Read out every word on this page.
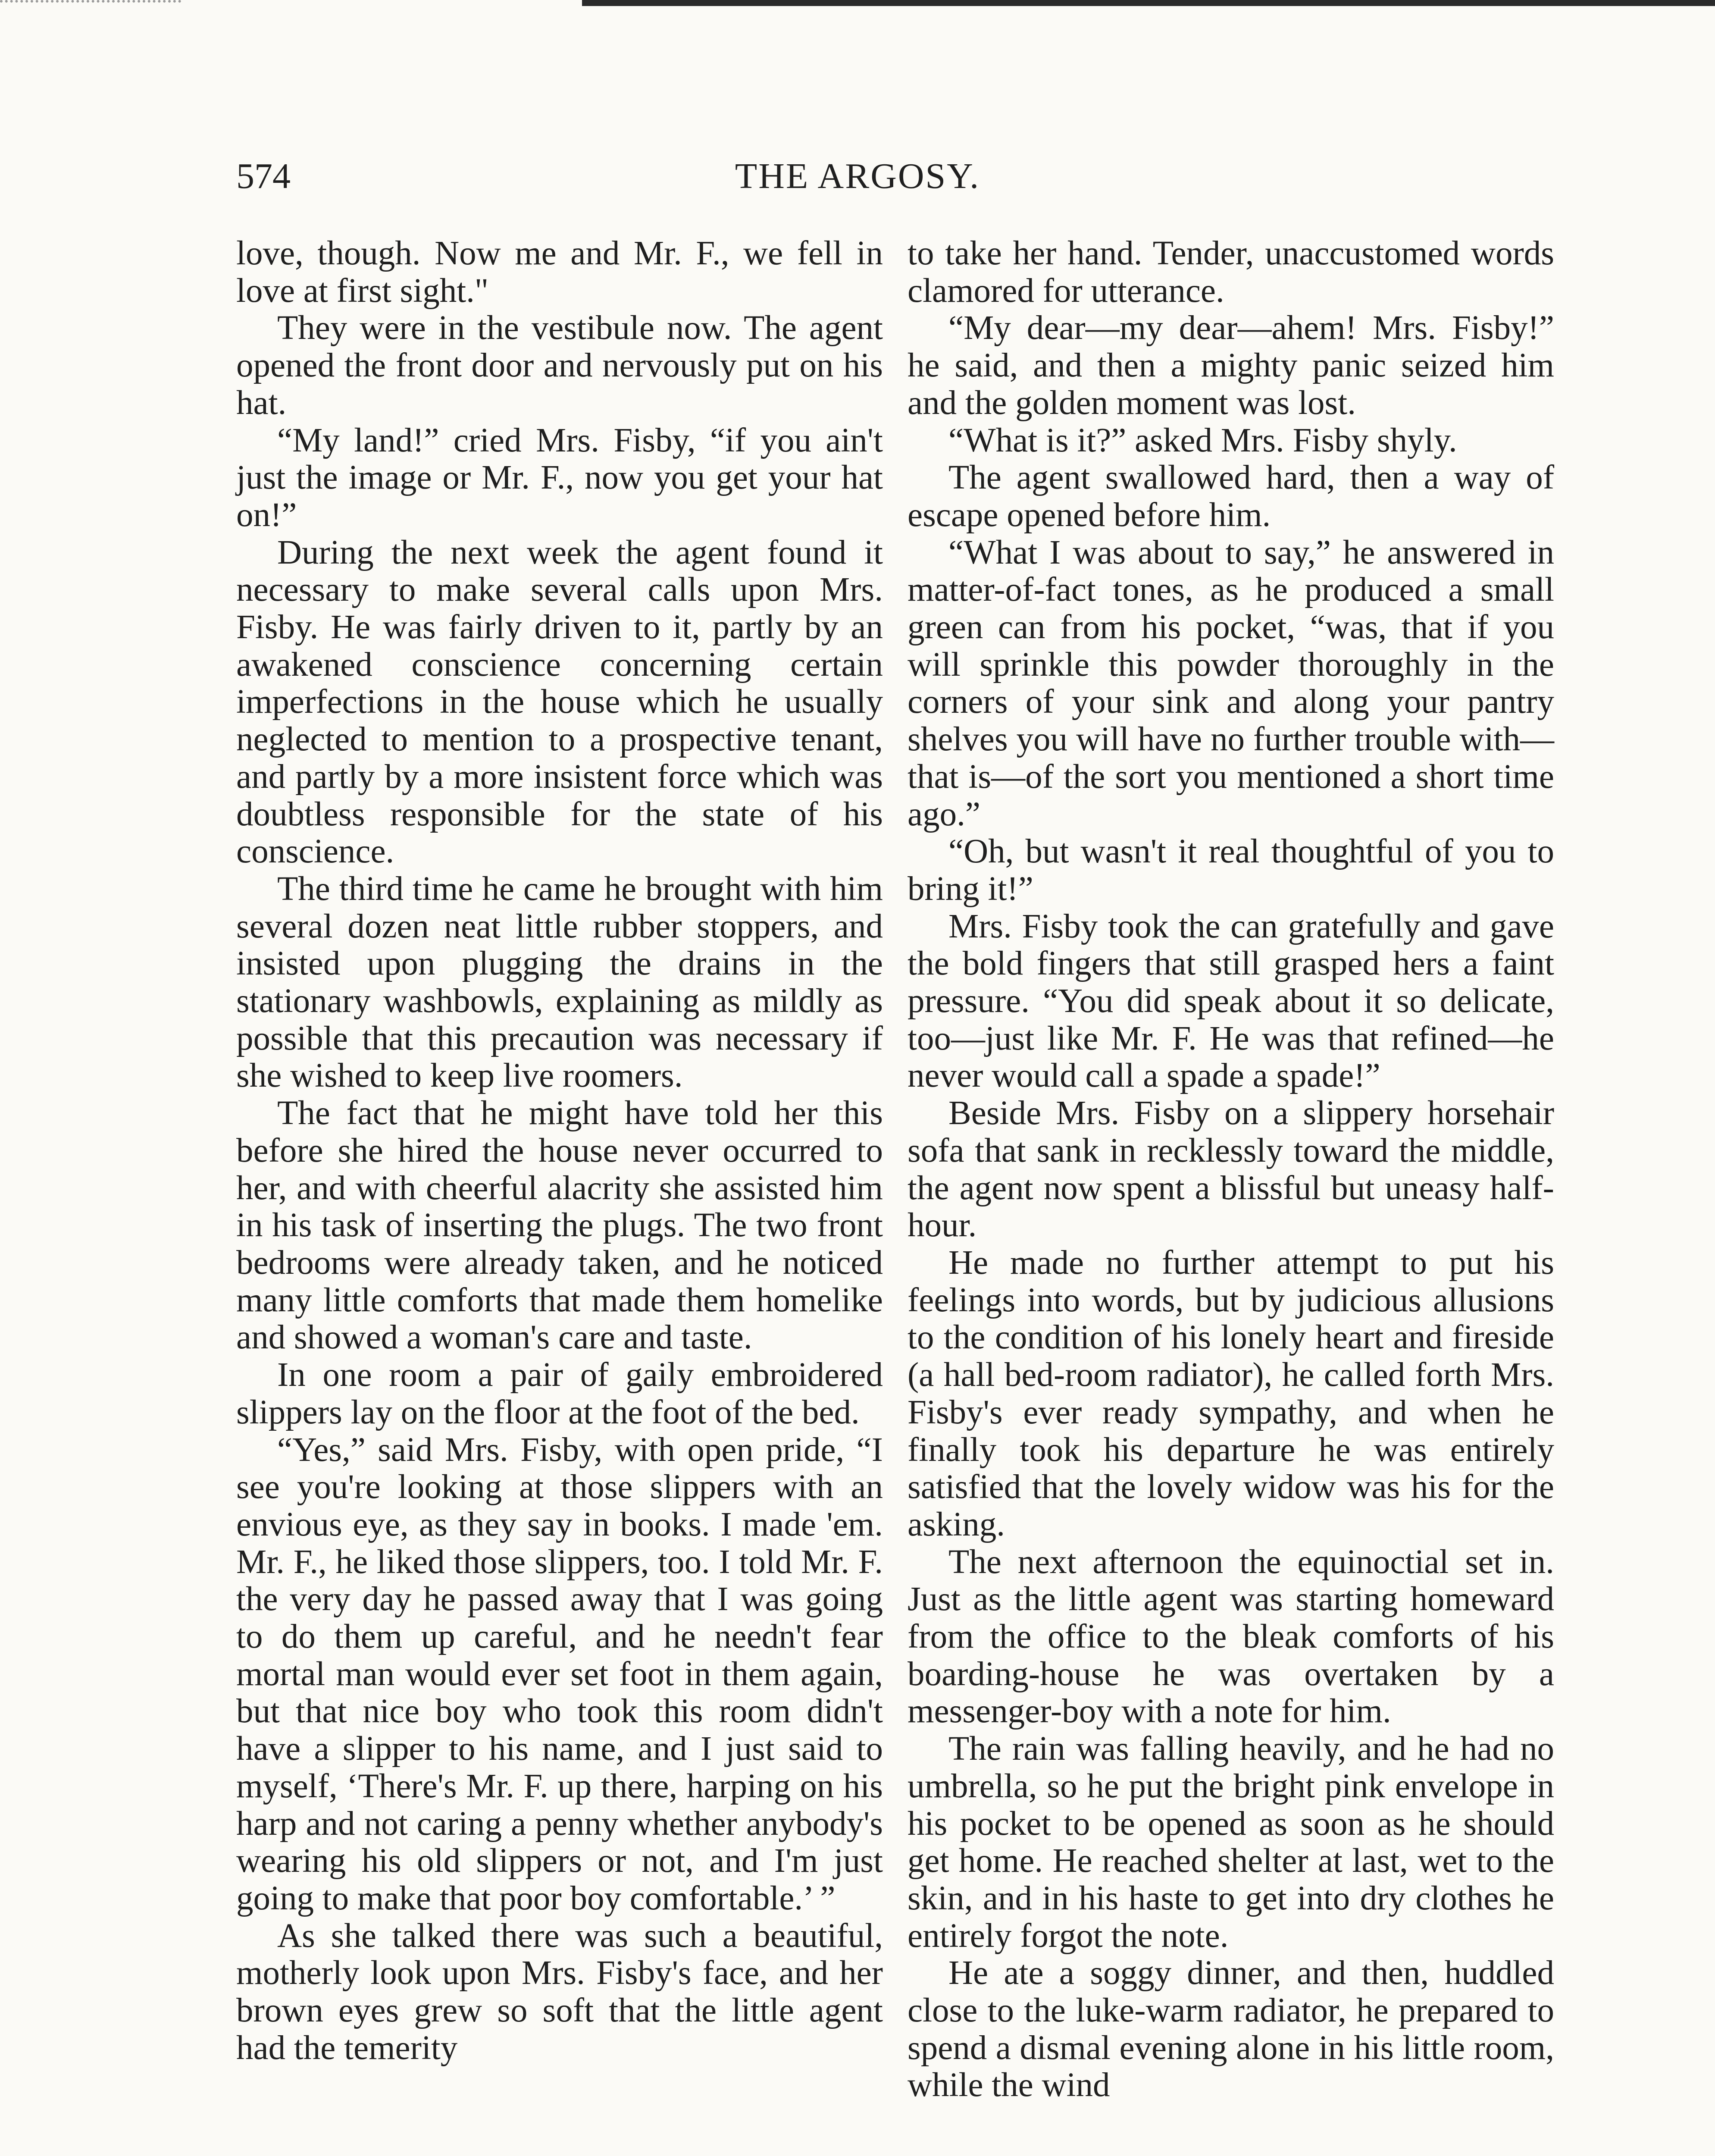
574	THE ARGOSY.

love, though. Now me and Mr. F., we fell in love at first sight."

They were in the vestibule now. The agent opened the front door and nervously put on his hat.

“My land!” cried Mrs. Fisby, “if you ain't just the image or Mr. F., now you get your hat on!”

During the next week the agent found it necessary to make several calls upon Mrs. Fisby. He was fairly driven to it, partly by an awakened conscience concerning certain imperfections in the house which he usually neglected to mention to a prospective tenant, and partly by a more insistent force which was doubtless responsible for the state of his conscience.

The third time he came he brought with him several dozen neat little rubber stoppers, and insisted upon plugging the drains in the stationary washbowls, explaining as mildly as possible that this precaution was necessary if she wished to keep live roomers.

The fact that he might have told her this before she hired the house never occurred to her, and with cheerful alacrity she assisted him in his task of inserting the plugs. The two front bedrooms were already taken, and he noticed many little comforts that made them homelike and showed a woman's care and taste.

In one room a pair of gaily embroidered slippers lay on the floor at the foot of the bed.

“Yes,” said Mrs. Fisby, with open pride, “I see you're looking at those slippers with an envious eye, as they say in books. I made 'em. Mr. F., he liked those slippers, too. I told Mr. F. the very day he passed away that I was going to do them up careful, and he needn't fear mortal man would ever set foot in them again, but that nice boy who took this room didn't have a slipper to his name, and I just said to myself, ‘There's Mr. F. up there, harping on his harp and not caring a penny whether anybody's wearing his old slippers or not, and I'm just going to make that poor boy comfortable.’ ”

As she talked there was such a beautiful, motherly look upon Mrs. Fisby's face, and her brown eyes grew so soft that the little agent had the temerity

to take her hand. Tender, unaccustomed words clamored for utterance.

“My dear—my dear—ahem! Mrs. Fisby!” he said, and then a mighty panic seized him and the golden moment was lost.

“What is it?” asked Mrs. Fisby shyly.

The agent swallowed hard, then a way of escape opened before him.

“What I was about to say,” he answered in matter-of-fact tones, as he produced a small green can from his pocket, “was, that if you will sprinkle this powder thoroughly in the corners of your sink and along your pantry shelves you will have no further trouble with—that is—of the sort you mentioned a short time ago.”

“Oh, but wasn't it real thoughtful of you to bring it!”

Mrs. Fisby took the can gratefully and gave the bold fingers that still grasped hers a faint pressure. “You did speak about it so delicate, too—just like Mr. F. He was that refined—he never would call a spade a spade!”

Beside Mrs. Fisby on a slippery horsehair sofa that sank in recklessly toward the middle, the agent now spent a blissful but uneasy half-hour.

He made no further attempt to put his feelings into words, but by judicious allusions to the condition of his lonely heart and fireside (a hall bed-room radiator), he called forth Mrs. Fisby's ever ready sympathy, and when he finally took his departure he was entirely satisfied that the lovely widow was his for the asking.

The next afternoon the equinoctial set in. Just as the little agent was starting homeward from the office to the bleak comforts of his boarding-house he was overtaken by a messenger-boy with a note for him.

The rain was falling heavily, and he had no umbrella, so he put the bright pink envelope in his pocket to be opened as soon as he should get home. He reached shelter at last, wet to the skin, and in his haste to get into dry clothes he entirely forgot the note.

He ate a soggy dinner, and then, huddled close to the luke-warm radiator, he prepared to spend a dismal evening alone in his little room, while the wind
